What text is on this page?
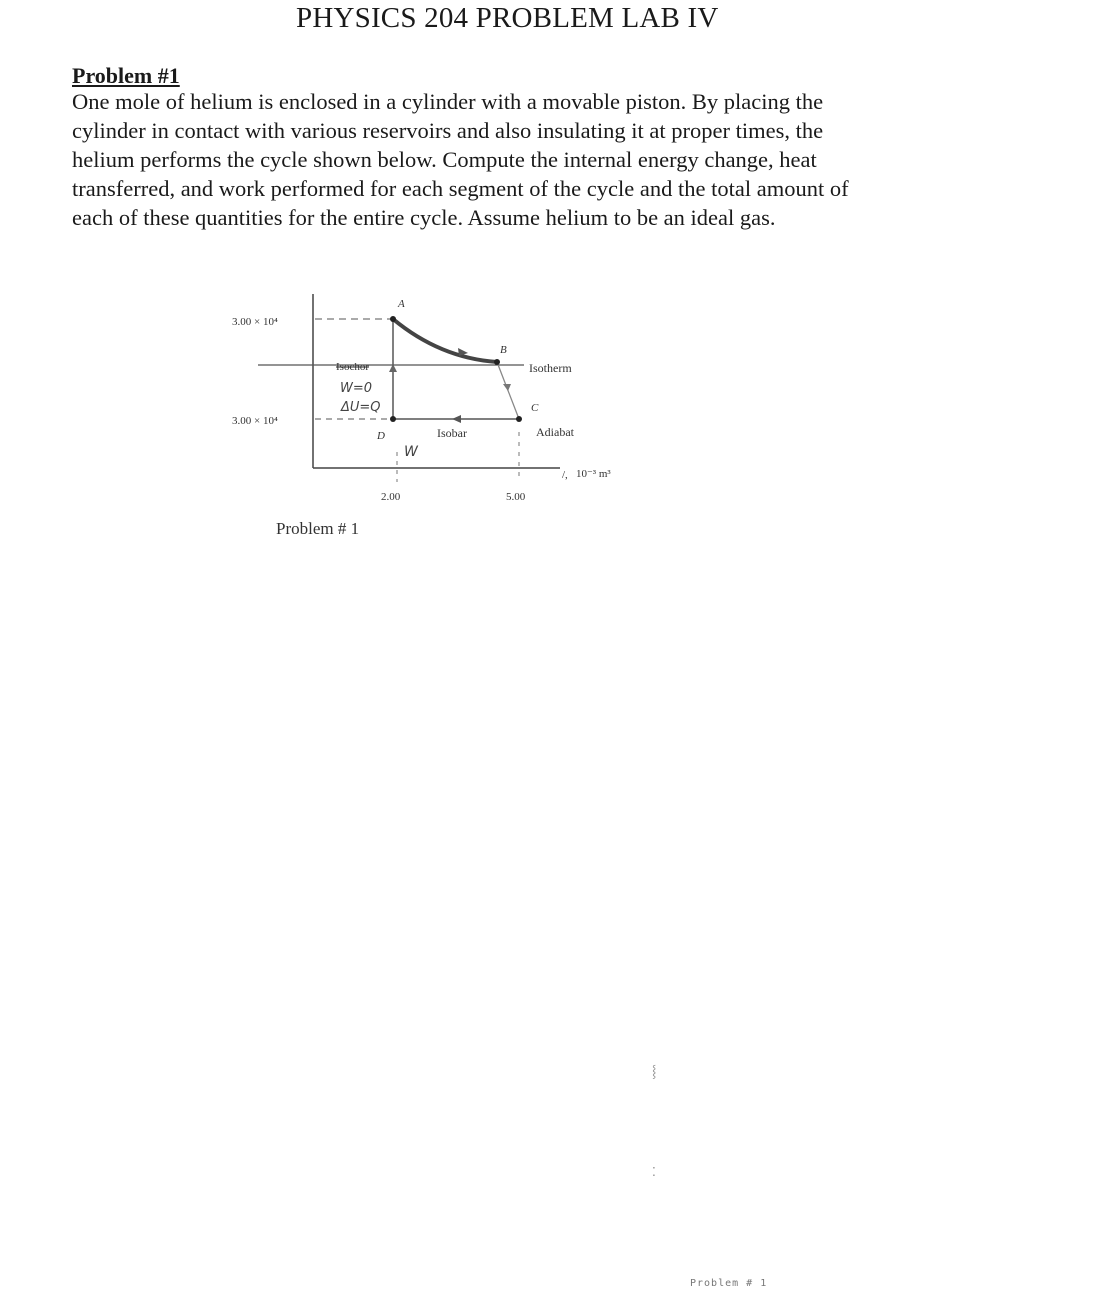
PHYSICS 204 PROBLEM LAB IV
Problem #1

One mole of helium is enclosed in a cylinder with a movable piston. By placing the

cylinder in contact with various reservoirs and also insulating it at proper times, the

helium performs the cycle shown below. Compute the internal energy change, heat

transferred, and work performed for each segment of the cycle and the total amount of

each of these quantities for the entire cycle. Assume helium to be an ideal gas.

3.00 × 10⁴
3.00 × 10⁴
2.00	5.00
/, 10⁻³ m³
A
B
C
D
Isochor	Isotherm
Isobar	Adiabat
W=0
ΔU=Q
W
Problem # 1
⸾
⁚
Problem # 1
